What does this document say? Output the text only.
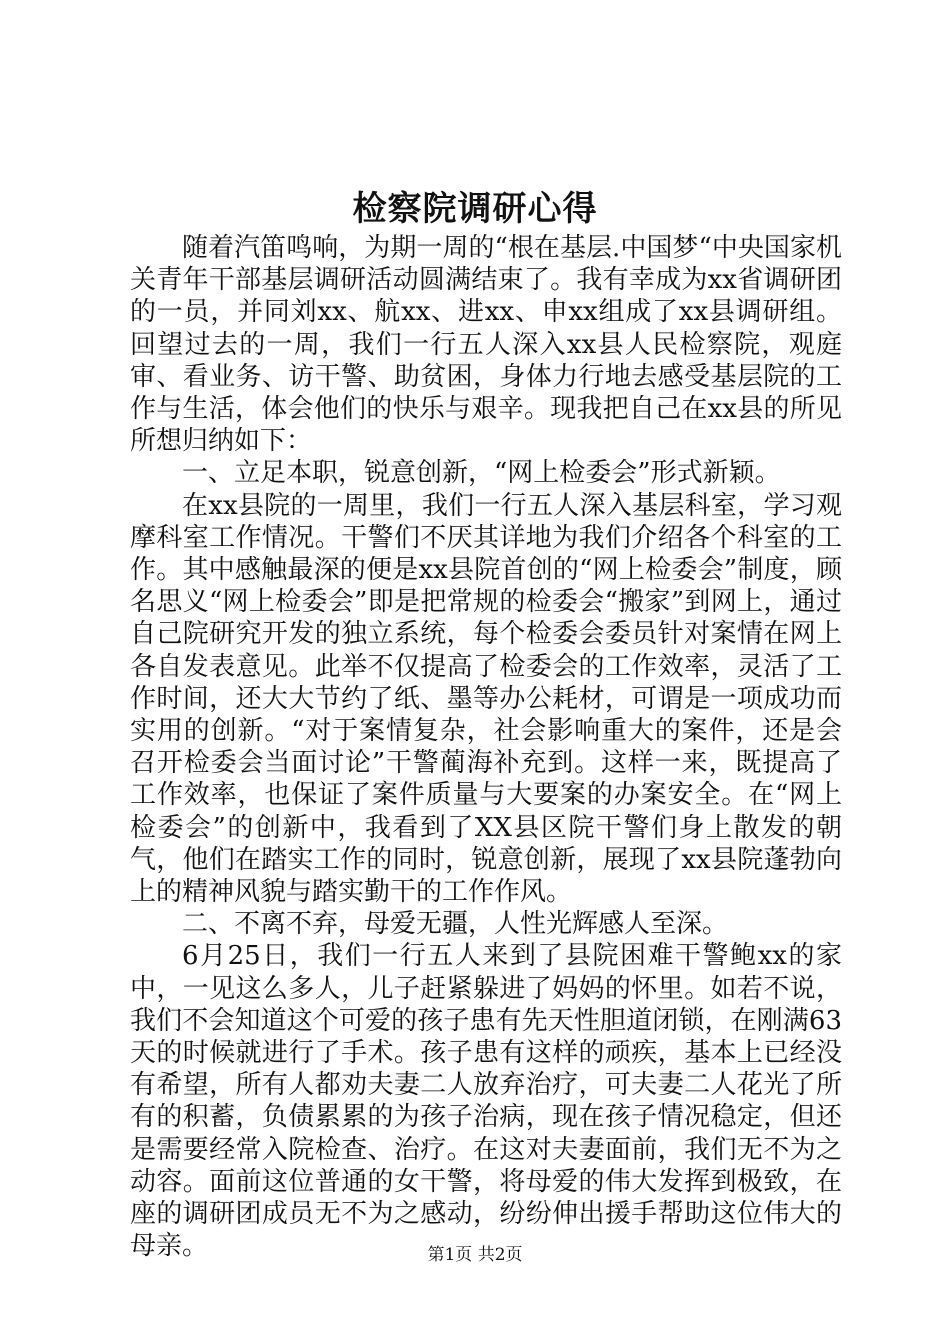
检察院调研心得

随着汽笛鸣响，为期一周的“根在基层.中国梦“中央国家机关青年干部基层调研活动圆满结束了。我有幸成为xx省调研团的一员，并同刘xx、航xx、进xx、申xx组成了xx县调研组。回望过去的一周，我们一行五人深入xx县人民检察院，观庭审、看业务、访干警、助贫困，身体力行地去感受基层院的工作与生活，体会他们的快乐与艰辛。现我把自己在xx县的所见所想归纳如下：

一、立足本职，锐意创新，“网上检委会”形式新颖。

在xx县院的一周里，我们一行五人深入基层科室，学习观摩科室工作情况。干警们不厌其详地为我们介绍各个科室的工作。其中感触最深的便是xx县院首创的“网上检委会”制度，顾名思义“网上检委会”即是把常规的检委会“搬家”到网上，通过自己院研究开发的独立系统，每个检委会委员针对案情在网上各自发表意见。此举不仅提高了检委会的工作效率，灵活了工作时间，还大大节约了纸、墨等办公耗材，可谓是一项成功而实用的创新。“对于案情复杂，社会影响重大的案件，还是会召开检委会当面讨论”干警蔺海补充到。这样一来，既提高了工作效率，也保证了案件质量与大要案的办案安全。在“网上检委会”的创新中，我看到了XX县区院干警们身上散发的朝气，他们在踏实工作的同时，锐意创新，展现了xx县院蓬勃向上的精神风貌与踏实勤干的工作作风。

二、不离不弃，母爱无疆，人性光辉感人至深。

6月25日，我们一行五人来到了县院困难干警鲍xx的家中，一见这么多人，儿子赶紧躲进了妈妈的怀里。如若不说，我们不会知道这个可爱的孩子患有先天性胆道闭锁，在刚满63天的时候就进行了手术。孩子患有这样的顽疾，基本上已经没有希望，所有人都劝夫妻二人放弃治疗，可夫妻二人花光了所有的积蓄，负债累累的为孩子治病，现在孩子情况稳定，但还是需要经常入院检查、治疗。在这对夫妻面前，我们无不为之动容。面前这位普通的女干警，将母爱的伟大发挥到极致，在座的调研团成员无不为之感动，纷纷伸出援手帮助这位伟大的母亲。	第1页 共2页
